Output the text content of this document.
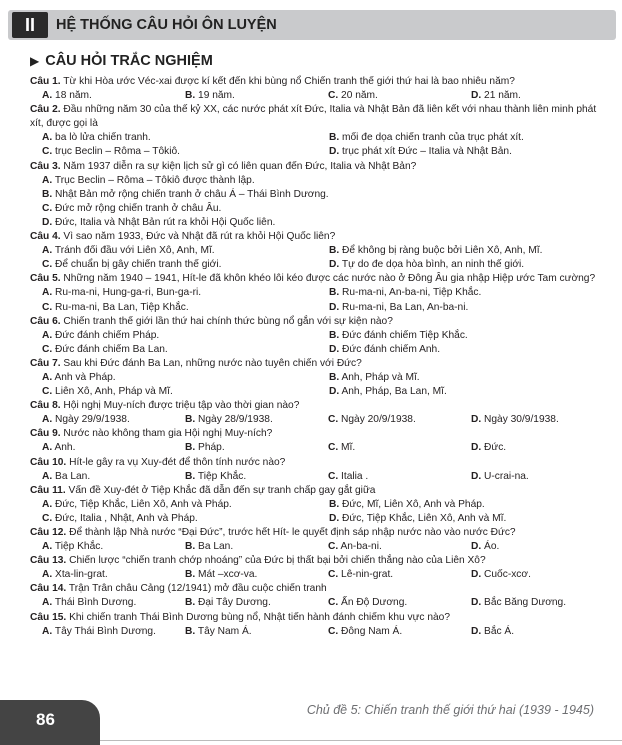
II	HỆ THỐNG CÂU HỎI ÔN LUYỆN
▶ CÂU HỎI TRẮC NGHIỆM
Câu 1. Từ khi Hòa ước Véc-xai được kí kết đến khi bùng nổ Chiến tranh thế giới thứ hai là bao nhiêu năm?
A. 18 năm.	B. 19 năm.	C. 20 năm.	D. 21 năm.
Câu 2. Đầu những năm 30 của thế kỷ XX, các nước phát xít Đức, Italia và Nhật Bản đã liên kết với nhau thành liên minh phát xít, được gọi là
A. ba lò lửa chiến tranh.	B. mối đe dọa chiến tranh của trục phát xít.
C. trục Beclin – Rôma – Tôkiô.	D. trục phát xít Đức – Italia và Nhật Bản.
Câu 3. Năm 1937 diễn ra sự kiện lịch sử gì có liên quan đến Đức, Italia và Nhật Bản?
A. Trục Beclin – Rôma – Tôkiô được thành lập.
B. Nhật Bản mở rộng chiến tranh ở châu Á – Thái Bình Dương.
C. Đức mở rộng chiến tranh ở châu Âu.
D. Đức, Italia và Nhật Bản rút ra khỏi Hội Quốc liên.
Câu 4. Vì sao năm 1933, Đức và Nhật đã rút ra khỏi Hội Quốc liên?
A. Tránh đối đầu với Liên Xô, Anh, Mĩ.	B. Để không bị ràng buộc bởi Liên Xô, Anh, Mĩ.
C. Để chuẩn bị gây chiến tranh thế giới.	D. Tự do đe dọa hòa bình, an ninh thế giới.
Câu 5. Những năm 1940 – 1941, Hít-le đã khôn khéo lôi kéo được các nước nào ở Đông Âu gia nhập Hiệp ước Tam cường?
A. Ru-ma-ni, Hung-ga-ri, Bun-ga-ri.	B. Ru-ma-ni, An-ba-ni, Tiệp Khắc.
C. Ru-ma-ni, Ba Lan, Tiệp Khắc.	D. Ru-ma-ni, Ba Lan, An-ba-ni.
Câu 6. Chiến tranh thế giới lần thứ hai chính thức bùng nổ gắn với sự kiện nào?
A. Đức đánh chiếm Pháp.	B. Đức đánh chiếm Tiệp Khắc.
C. Đức đánh chiếm Ba Lan.	D. Đức đánh chiếm Anh.
Câu 7. Sau khi Đức đánh Ba Lan, những nước nào tuyên chiến với Đức?
A. Anh và Pháp.	B. Anh, Pháp và Mĩ.
C. Liên Xô, Anh, Pháp và Mĩ.	D. Anh, Pháp, Ba Lan, Mĩ.
Câu 8. Hội nghị Muy-ních được triệu tập vào thời gian nào?
A. Ngày 29/9/1938.	B. Ngày 28/9/1938.	C. Ngày 20/9/1938.	D. Ngày 30/9/1938.
Câu 9. Nước nào không tham gia Hội nghị Muy-ních?
A. Anh.	B. Pháp.	C. Mĩ.	D. Đức.
Câu 10. Hít-le gây ra vụ Xuy-đét để thôn tính nước nào?
A. Ba Lan.	B. Tiệp Khắc.	C. Italia .	D. U-crai-na.
Câu 11. Vấn đề Xuy-đét ở Tiệp Khắc đã dẫn đến sự tranh chấp gay gắt giữa
A. Đức, Tiệp Khắc, Liên Xô, Anh và Pháp.	B. Đức, Mĩ, Liên Xô, Anh và Pháp.
C. Đức, Italia , Nhật, Anh và Pháp.	D. Đức, Tiệp Khắc, Liên Xô, Anh và Mĩ.
Câu 12. Để thành lập Nhà nước “Đại Đức”, trước hết Hít- le quyết định sáp nhập nước nào vào nước Đức?
A. Tiệp Khắc.	B. Ba Lan.	C. An-ba-ni.	D. Áo.
Câu 13. Chiến lược “chiến tranh chớp nhoáng” của Đức bị thất bại bởi chiến thắng nào của Liên Xô?
A. Xta-lin-grat.	B. Mát –xcơ-va.	C. Lê-nin-grat.	D. Cuốc-xcơ.
Câu 14. Trận Trân châu Cảng (12/1941) mở đầu cuộc chiến tranh
A. Thái Bình Dương.	B. Đại Tây Dương.	C. Ấn Độ Dương.	D. Bắc Băng Dương.
Câu 15. Khi chiến tranh Thái Bình Dương bùng nổ, Nhật tiến hành đánh chiếm khu vực nào?
A. Tây Thái Bình Dương.	B. Tây Nam Á.	C. Đông Nam Á.	D. Bắc Á.
86	Chủ đề 5: Chiến tranh thế giới thứ hai (1939 - 1945)
